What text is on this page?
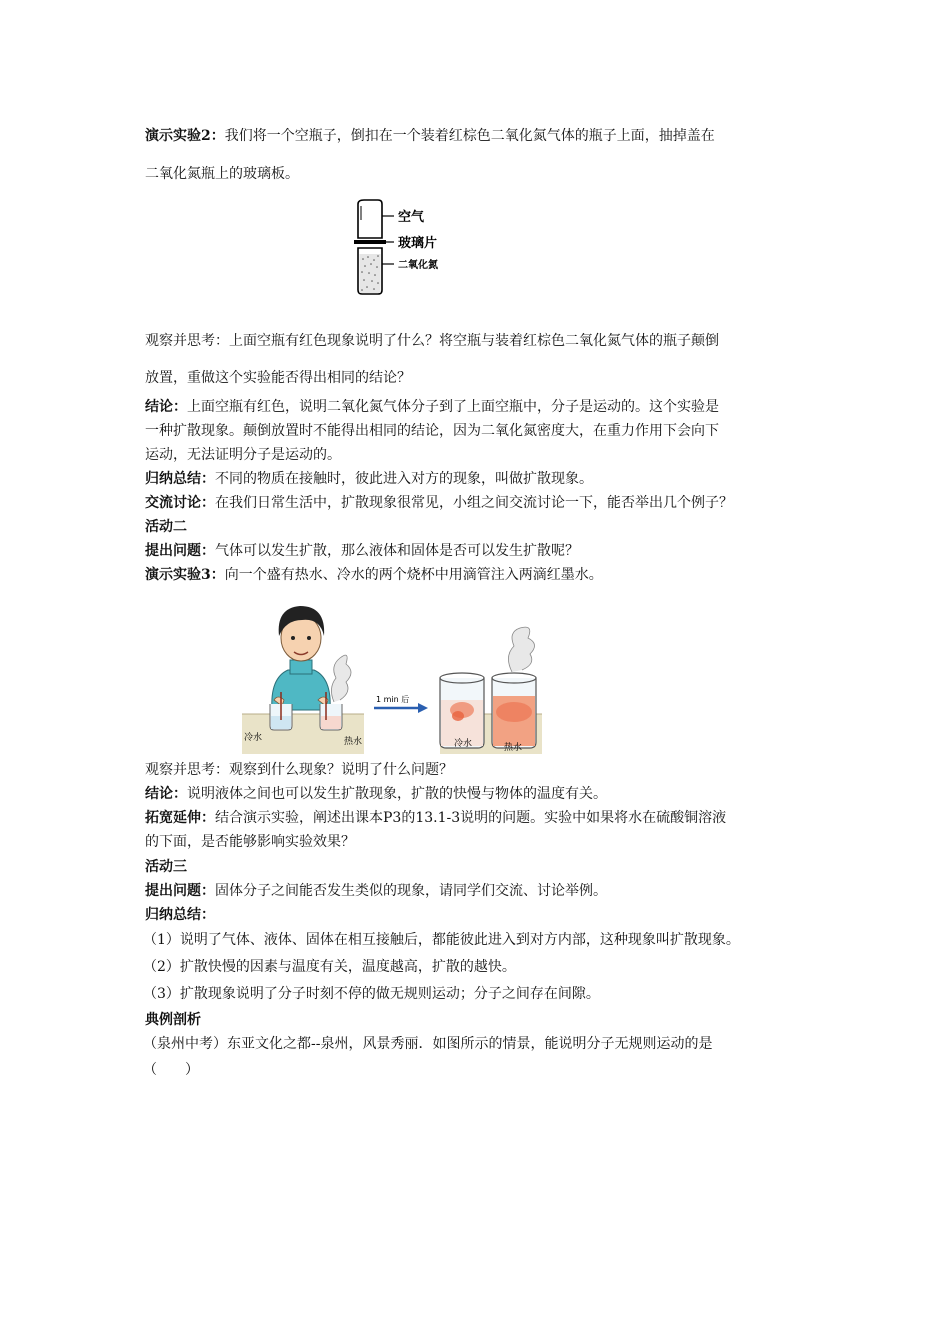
演示实验2：我们将一个空瓶子，倒扣在一个装着红棕色二氧化氮气体的瓶子上面，抽掉盖在
二氧化氮瓶上的玻璃板。
空气
玻璃片
二氧化氮
观察并思考：上面空瓶有红色现象说明了什么？将空瓶与装着红棕色二氧化氮气体的瓶子颠倒
放置，重做这个实验能否得出相同的结论？
结论：上面空瓶有红色，说明二氧化氮气体分子到了上面空瓶中，分子是运动的。这个实验是
一种扩散现象。颠倒放置时不能得出相同的结论，因为二氧化氮密度大，在重力作用下会向下
运动，无法证明分子是运动的。
归纳总结：不同的物质在接触时，彼此进入对方的现象，叫做扩散现象。
交流讨论：在我们日常生活中，扩散现象很常见，小组之间交流讨论一下，能否举出几个例子？
活动二
提出问题：气体可以发生扩散，那么液体和固体是否可以发生扩散呢？
演示实验3：向一个盛有热水、冷水的两个烧杯中用滴管注入两滴红墨水。
冷水	热水
1 min 后
冷水	热水
观察并思考：观察到什么现象？说明了什么问题？
结论：说明液体之间也可以发生扩散现象，扩散的快慢与物体的温度有关。
拓宽延伸：结合演示实验，阐述出课本P3的13.1-3说明的问题。实验中如果将水在硫酸铜溶液
的下面，是否能够影响实验效果？
活动三
提出问题：固体分子之间能否发生类似的现象，请同学们交流、讨论举例。
归纳总结：
（1）说明了气体、液体、固体在相互接触后，都能彼此进入到对方内部，这种现象叫扩散现象。
（2）扩散快慢的因素与温度有关，温度越高，扩散的越快。
（3）扩散现象说明了分子时刻不停的做无规则运动；分子之间存在间隙。
典例剖析
（泉州中考）东亚文化之都--泉州，风景秀丽．如图所示的情景，能说明分子无规则运动的是
（　　）
